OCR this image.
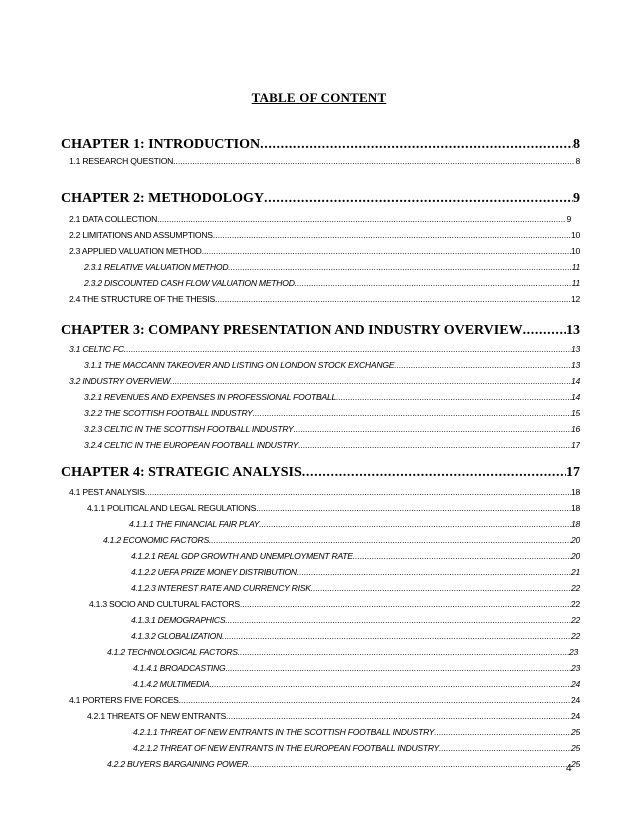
TABLE OF CONTENT
CHAPTER 1: INTRODUCTION .....	8
1.1 RESEARCH QUESTION .....	8
CHAPTER 2: METHODOLOGY .....	9
2.1 DATA COLLECTION .....	9
2.2 LIMITATIONS AND ASSUMPTIONS .....	10
2.3 APPLIED VALUATION METHOD .....	10
2.3.1 RELATIVE VALUATION METHOD .....	11
2.3.2 DISCOUNTED CASH FLOW VALUATION METHOD .....	11
2.4 THE STRUCTURE OF THE THESIS .....	12
CHAPTER 3: COMPANY PRESENTATION AND INDUSTRY OVERVIEW .....	13
3.1 CELTIC FC .....	13
3.1.1 THE MACCANN TAKEOVER AND LISTING ON LONDON STOCK EXCHANGE .....	13
3.2 INDUSTRY OVERVIEW .....	14
3.2.1 REVENUES AND EXPENSES IN PROFESSIONAL FOOTBALL .....	14
3.2.2 THE SCOTTISH FOOTBALL INDUSTRY .....	15
3.2.3 CELTIC IN THE SCOTTISH FOOTBALL INDUSTRY .....	16
3.2.4 CELTIC IN THE EUROPEAN FOOTBALL INDUSTRY .....	17
CHAPTER 4: STRATEGIC ANALYSIS .....	17
4.1 PEST ANALYSIS .....	18
4.1.1 POLITICAL AND LEGAL REGULATIONS .....	18
4.1.1.1 THE FINANCIAL FAIR PLAY .....	18
4.1.2 ECONOMIC FACTORS .....	20
4.1.2.1 REAL GDP GROWTH AND UNEMPLOYMENT RATE .....	20
4.1.2.2 UEFA PRIZE MONEY DISTRIBUTION .....	21
4.1.2.3 INTEREST RATE AND CURRENCY RISK .....	22
4.1.3 SOCIO AND CULTURAL FACTORS .....	22
4.1.3.1 DEMOGRAPHICS .....	22
4.1.3.2 GLOBALIZATION .....	22
4.1.2 TECHNOLOGICAL FACTORS .....	23
4.1.4.1 BROADCASTING .....	23
4.1.4.2 MULTIMEDIA .....	24
4.1 PORTERS FIVE FORCES .....	24
4.2.1 THREATS OF NEW ENTRANTS .....	24
4.2.1.1 THREAT OF NEW ENTRANTS IN THE SCOTTISH FOOTBALL INDUSTRY .....	25
4.2.1.2 THREAT OF NEW ENTRANTS IN THE EUROPEAN FOOTBALL INDUSTRY .....	25
4.2.2 BUYERS BARGAINING POWER .....	25
4
